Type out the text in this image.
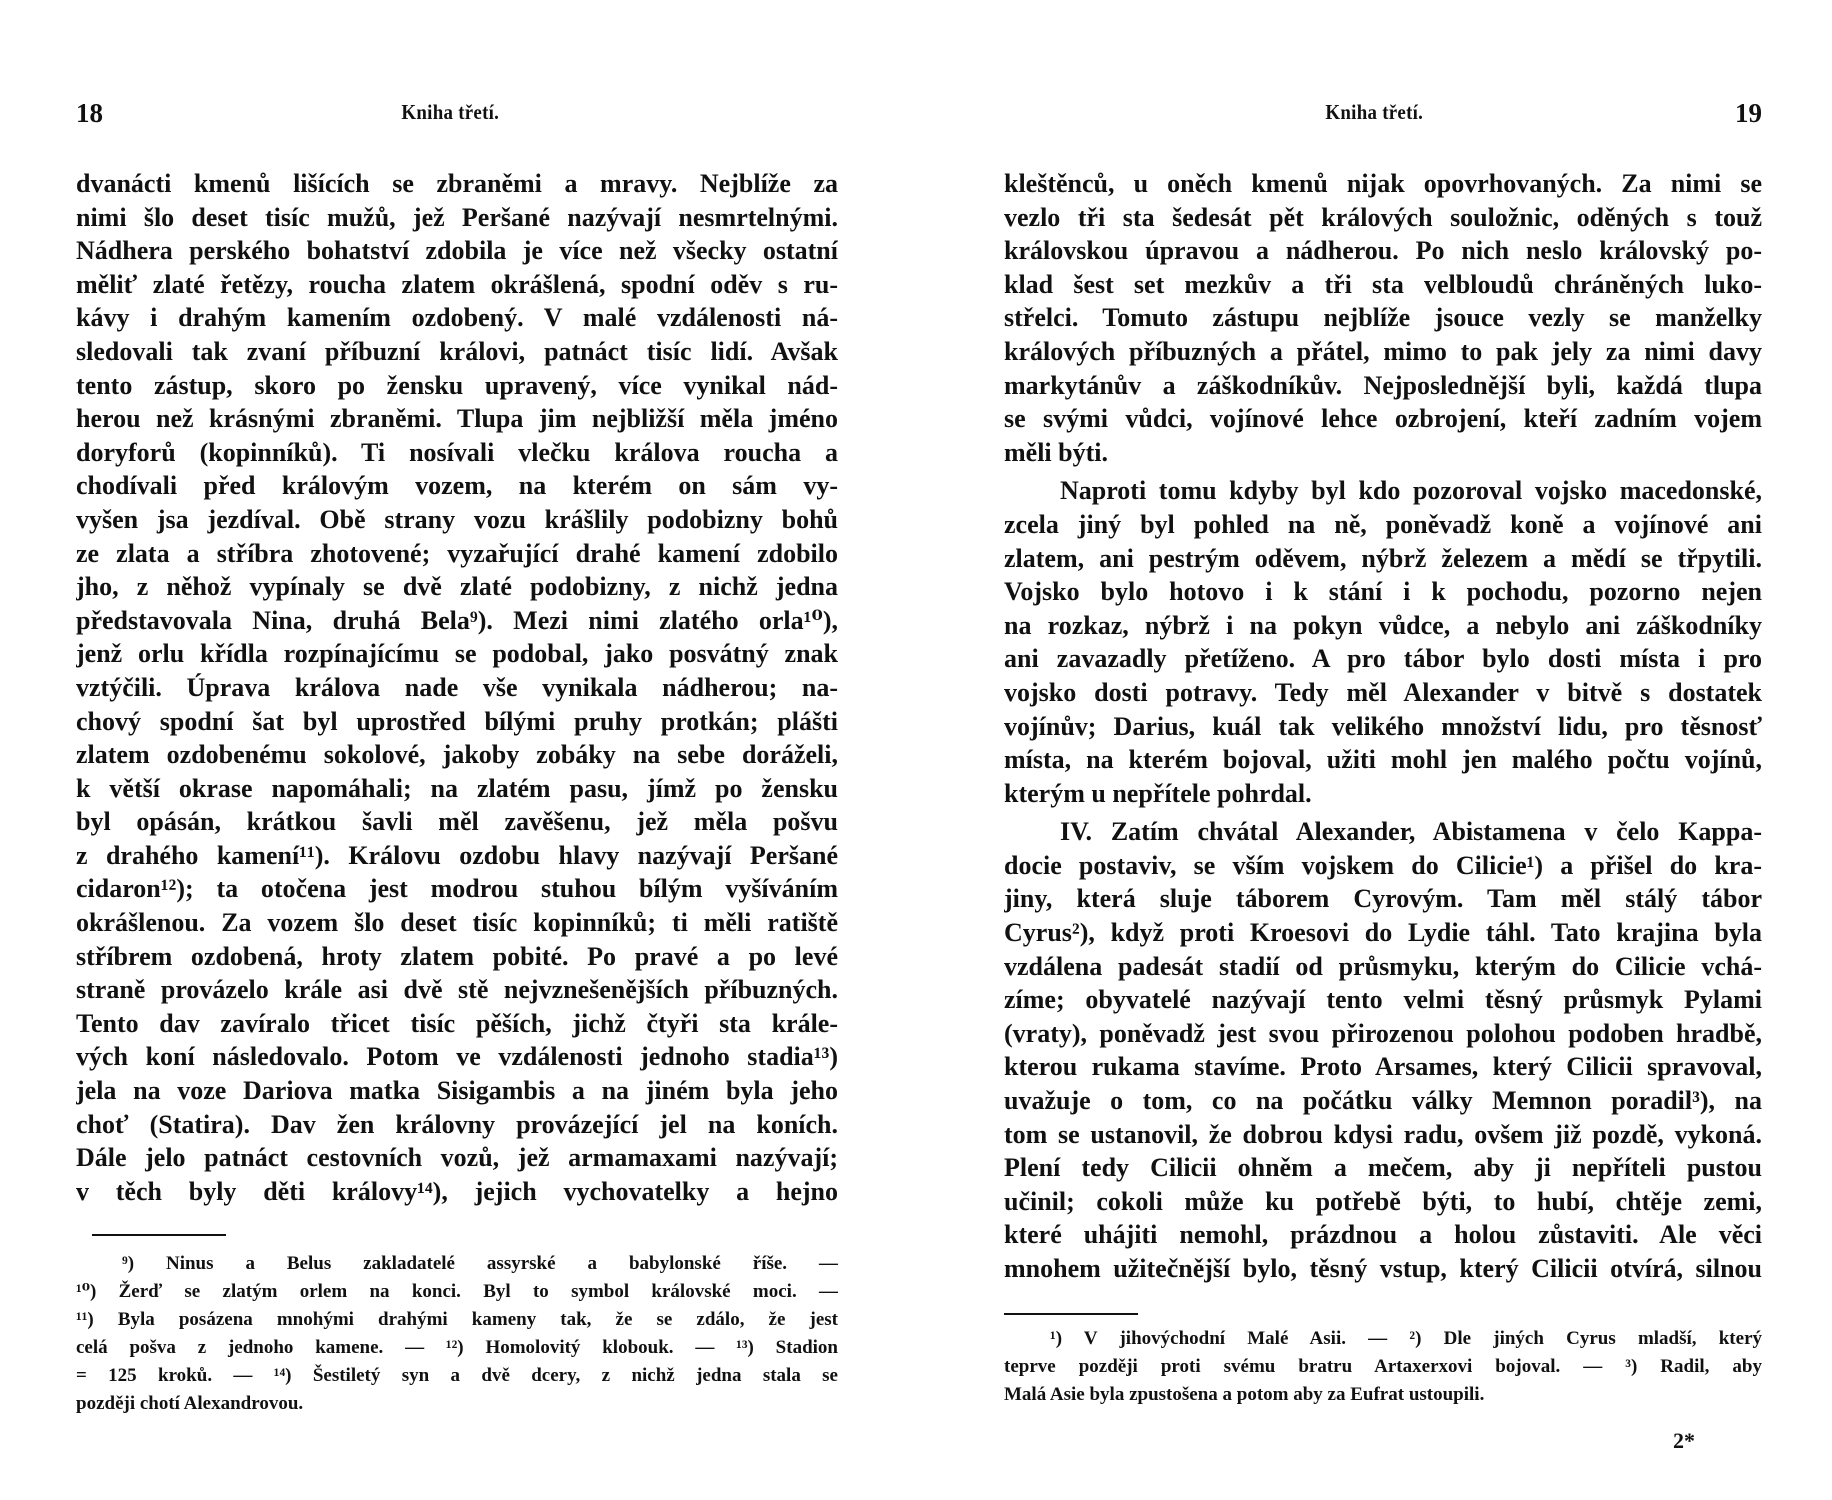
18	Kniha třetí.
dvanácti kmenů lišících se zbraněmi a mravy. Nejblíže za
nimi šlo deset tisíc mužů, jež Peršané nazývají nesmrtelnými.
Nádhera perského bohatství zdobila je více než všecky ostatní
měliť zlaté řetězy, roucha zlatem okrášlená, spodní oděv s ru-
kávy i drahým kamením ozdobený. V malé vzdálenosti ná-
sledovali tak zvaní příbuzní královi, patnáct tisíc lidí. Avšak
tento zástup, skoro po žensku upravený, více vynikal nád-
herou než krásnými zbraněmi. Tlupa jim nejbližší měla jméno
doryforů (kopinníků). Ti nosívali vlečku králova roucha a
chodívali před královým vozem, na kterém on sám vy-
vyšen jsa jezdíval. Obě strany vozu krášlily podobizny bohů
ze zlata a stříbra zhotovené; vyzařující drahé kamení zdobilo
jho, z něhož vypínaly se dvě zlaté podobizny, z nichž jedna
představovala Nina, druhá Bela⁹). Mezi nimi zlatého orla¹⁰),
jenž orlu křídla rozpínajícímu se podobal, jako posvátný znak
vztýčili. Úprava králova nade vše vynikala nádherou; na-
chový spodní šat byl uprostřed bílými pruhy protkán; plášti
zlatem ozdobenému sokolové, jakoby zobáky na sebe doráželi,
k větší okrase napomáhali; na zlatém pasu, jímž po žensku
byl opásán, krátkou šavli měl zavěšenu, jež měla pošvu
z drahého kamení¹¹). Královu ozdobu hlavy nazývají Peršané
cidaron¹²); ta otočena jest modrou stuhou bílým vyšíváním
okrášlenou. Za vozem šlo deset tisíc kopinníků; ti měli ratiště
stříbrem ozdobená, hroty zlatem pobité. Po pravé a po levé
straně provázelo krále asi dvě stě nejvznešenějších příbuzných.
Tento dav zavíralo třicet tisíc pěších, jichž čtyři sta krále-
vých koní následovalo. Potom ve vzdálenosti jednoho stadia¹³)
jela na voze Dariova matka Sisigambis a na jiném byla jeho
choť (Statira). Dav žen královny provázející jel na koních.
Dále jelo patnáct cestovních vozů, jež armamaxami nazývají;
v těch byly děti královy¹⁴), jejich vychovatelky a hejno
⁹) Ninus a Belus zakladatelé assyrské a babylonské říše. —
¹⁰) Žerď se zlatým orlem na konci. Byl to symbol královské moci. —
¹¹) Byla posázena mnohými drahými kameny tak, že se zdálo, že jest
celá pošva z jednoho kamene. — ¹²) Homolovitý klobouk. — ¹³) Stadion
= 125 kroků. — ¹⁴) Šestiletý syn a dvě dcery, z nichž jedna stala se
později chotí Alexandrovou.
Kniha třetí.	19
kleštěnců, u oněch kmenů nijak opovrhovaných. Za nimi se
vezlo tři sta šedesát pět králových souložnic, oděných s touž
královskou úpravou a nádherou. Po nich neslo královský po-
klad šest set mezkův a tři sta velbloudů chráněných luko-
střelci. Tomuto zástupu nejblíže jsouce vezly se manželky
králových příbuzných a přátel, mimo to pak jely za nimi davy
markytánův a záškodníkův. Nejposlednější byli, každá tlupa
se svými vůdci, vojínové lehce ozbrojení, kteří zadním vojem
měli býti.
Naproti tomu kdyby byl kdo pozoroval vojsko macedonské,
zcela jiný byl pohled na ně, poněvadž koně a vojínové ani
zlatem, ani pestrým oděvem, nýbrž železem a mědí se třpytili.
Vojsko bylo hotovo i k stání i k pochodu, pozorno nejen
na rozkaz, nýbrž i na pokyn vůdce, a nebylo ani záškodníky
ani zavazadly přetíženo. A pro tábor bylo dosti místa i pro
vojsko dosti potravy. Tedy měl Alexander v bitvě s dostatek
vojínův; Darius, kuál tak velikého množství lidu, pro těsnosť
místa, na kterém bojoval, užiti mohl jen malého počtu vojínů,
kterým u nepřítele pohrdal.
IV. Zatím chvátal Alexander, Abistamena v čelo Kappa-
docie postaviv, se vším vojskem do Cilicie¹) a přišel do kra-
jiny, která sluje táborem Cyrovým. Tam měl stálý tábor
Cyrus²), když proti Kroesovi do Lydie táhl. Tato krajina byla
vzdálena padesát stadií od průsmyku, kterým do Cilicie vchá-
zíme; obyvatelé nazývají tento velmi těsný průsmyk Pylami
(vraty), poněvadž jest svou přirozenou polohou podoben hradbě,
kterou rukama stavíme. Proto Arsames, který Cilicii spravoval,
uvažuje o tom, co na počátku války Memnon poradil³), na
tom se ustanovil, že dobrou kdysi radu, ovšem již pozdě, vykoná.
Plení tedy Cilicii ohněm a mečem, aby ji nepříteli pustou
učinil; cokoli může ku potřebě býti, to hubí, chtěje zemi,
které uhájiti nemohl, prázdnou a holou zůstaviti. Ale věci
mnohem užitečnější bylo, těsný vstup, který Cilicii otvírá, silnou
¹) V jihovýchodní Malé Asii. — ²) Dle jiných Cyrus mladší, který
teprve později proti svému bratru Artaxerxovi bojoval. — ³) Radil, aby
Malá Asie byla zpustošena a potom aby za Eufrat ustoupili.
2*
